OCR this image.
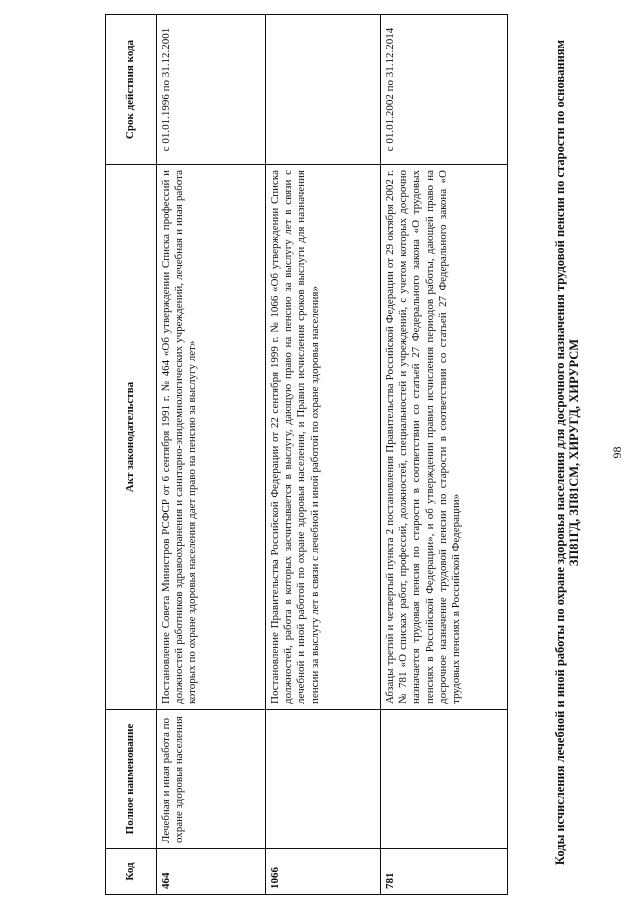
98
Коды исчисления лечебной и иной работы по охране здоровья населения для досрочного назначения трудовой пенсии по старости по основаниям ЗП81ГД, ЗП81СМ, ХИРУГД, ХИРУРСМ
Код	Полное наименование	Акт законодательства	Срок действия кода
464	Лечебная и иная работа по охране здоровья населения	Постановление Совета Министров РСФСР от 6 сентября 1991 г. № 464 «Об утверждении Списка профессий и должностей работников здравоохранения и санитарно-эпидемиологических учреждений, лечебная и иная работа которых по охране здоровья населения дает право на пенсию за выслугу лет»	с 01.01.1996 по 31.12.2001
1066		Постановление Правительства Российской Федерации от 22 сентября 1999 г. № 1066 «Об утверждении Списка должностей, работа в которых засчитывается в выслугу, дающую право на пенсию за выслугу лет в связи с лечебной и иной работой по охране здоровья населения, и Правил исчисления сроков выслуги для назначения пенсии за выслугу лет в связи с лечебной и иной работой по охране здоровья населения»	
781		Абзацы третий и четвертый пункта 2 постановления Правительства Российской Федерации от 29 октября 2002 г. № 781 «О списках работ, профессий, должностей, специальностей и учреждений, с учетом которых досрочно назначается трудовая пенсия по старости в соответствии со статьей 27 Федерального закона «О трудовых пенсиях в Российской Федерации», и об утверждении правил исчисления периодов работы, дающей право на досрочное назначение трудовой пенсии по старости в соответствии со статьей 27 Федерального закона «О трудовых пенсиях в Российской Федерации»	с 01.01.2002 по 31.12.2014
